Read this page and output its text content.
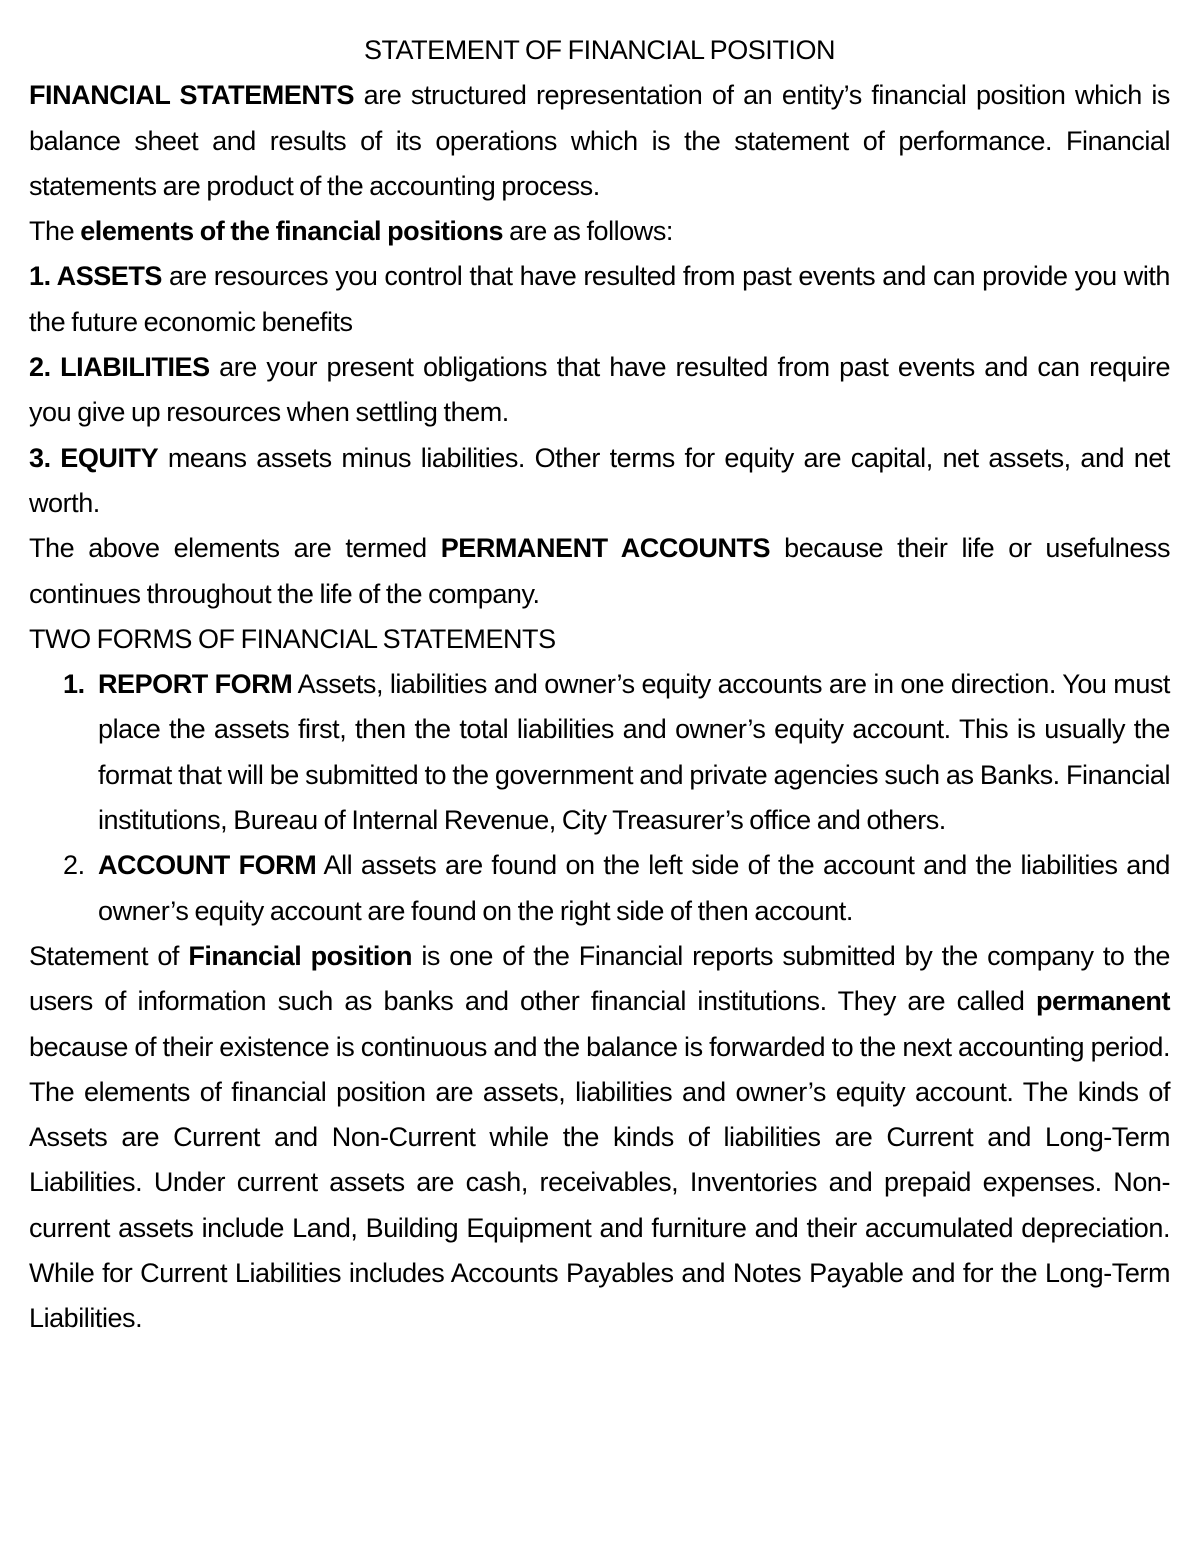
STATEMENT OF FINANCIAL POSITION

FINANCIAL STATEMENTS are structured representation of an entity’s financial position which is balance sheet and results of its operations which is the statement of performance. Financial statements are product of the accounting process.

The elements of the financial positions are as follows:

1. ASSETS are resources you control that have resulted from past events and can provide you with the future economic benefits

2. LIABILITIES are your present obligations that have resulted from past events and can require you give up resources when settling them.

3. EQUITY means assets minus liabilities. Other terms for equity are capital, net assets, and net worth.

The above elements are termed PERMANENT ACCOUNTS because their life or usefulness continues throughout the life of the company.

TWO FORMS OF FINANCIAL STATEMENTS

1. REPORT FORM Assets, liabilities and owner’s equity accounts are in one direction. You must place the assets first, then the total liabilities and owner’s equity account. This is usually the format that will be submitted to the government and private agencies such as Banks. Financial institutions, Bureau of Internal Revenue, City Treasurer’s office and others.
2. ACCOUNT FORM All assets are found on the left side of the account and the liabilities and owner’s equity account are found on the right side of then account.

Statement of Financial position is one of the Financial reports submitted by the company to the users of information such as banks and other financial institutions. They are called permanent because of their existence is continuous and the balance is forwarded to the next accounting period. The elements of financial position are assets, liabilities and owner’s equity account. The kinds of Assets are Current and Non-Current while the kinds of liabilities are Current and Long-Term Liabilities. Under current assets are cash, receivables, Inventories and prepaid expenses. Non-current assets include Land, Building Equipment and furniture and their accumulated depreciation. While for Current Liabilities includes Accounts Payables and Notes Payable and for the Long-Term Liabilities.
